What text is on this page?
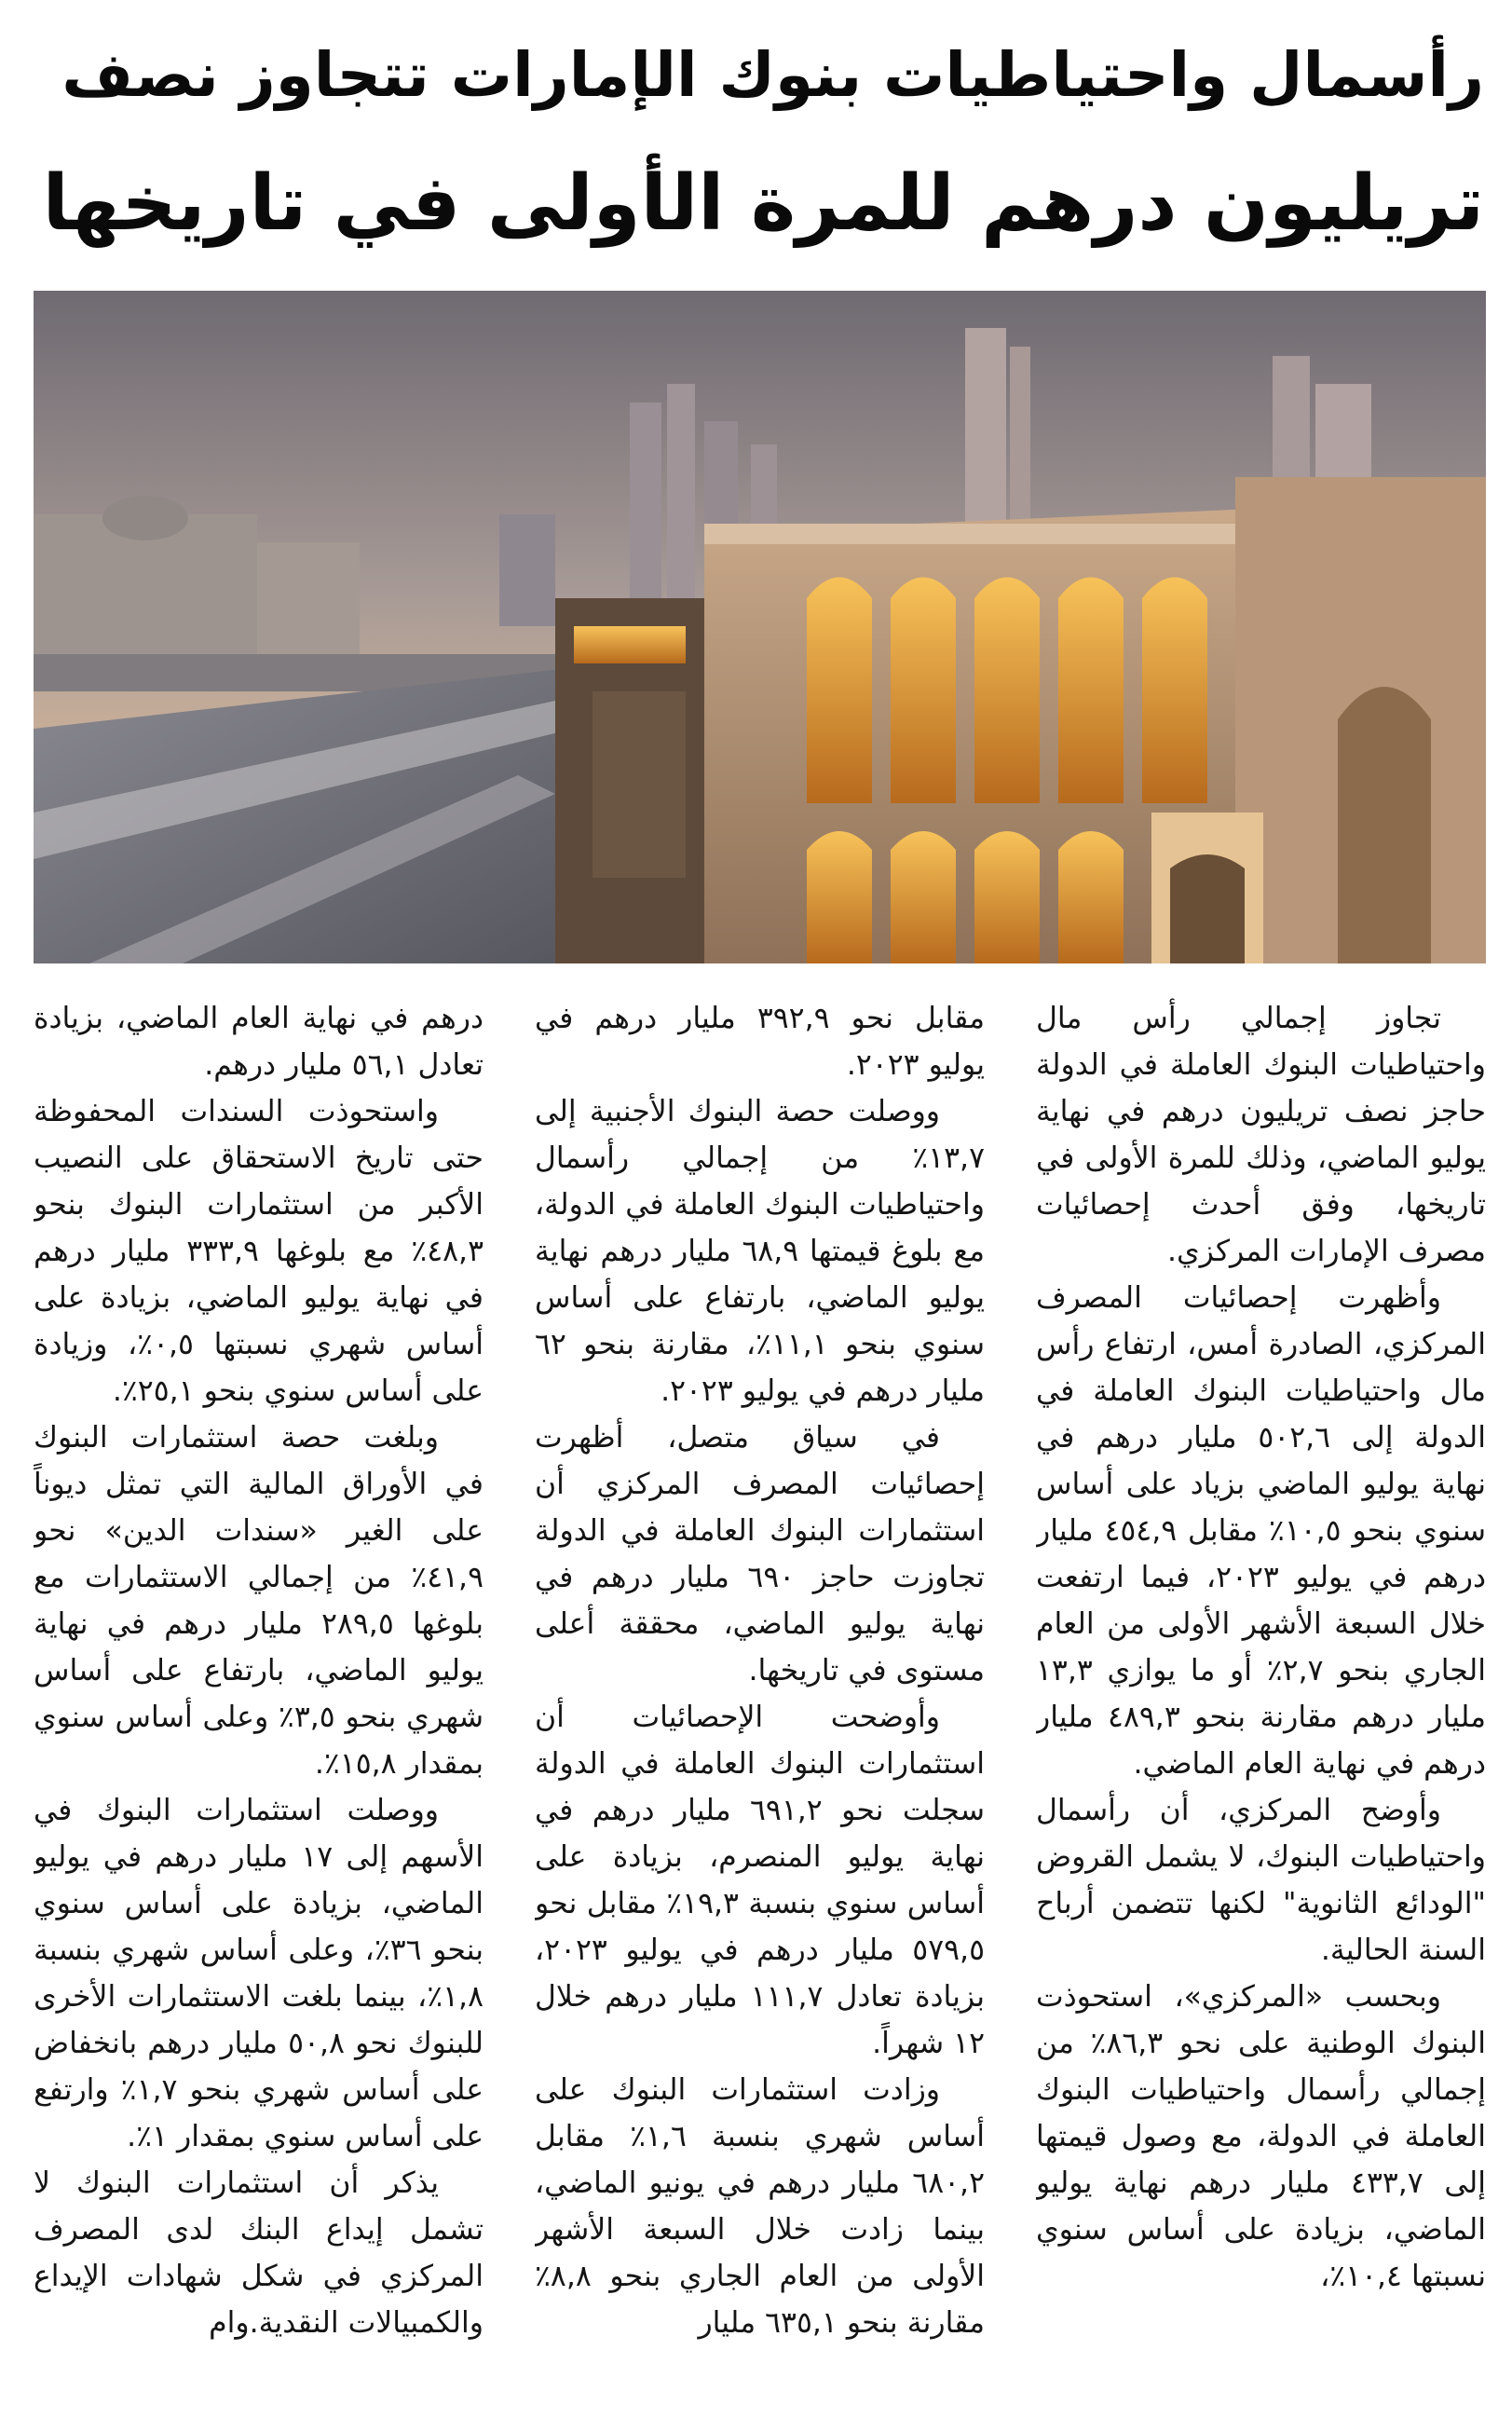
رأسمال واحتياطيات بنوك الإمارات تتجاوز نصف
تريليون درهم للمرة الأولى في تاريخها

تجاوز إجمالي رأس مال واحتياطيات البنوك العاملة في الدولة حاجز نصف تريليون درهم في نهاية يوليو الماضي، وذلك للمرة الأولى في تاريخها، وفق أحدث إحصائيات مصرف الإمارات المركزي.

وأظهرت إحصائيات المصرف المركزي، الصادرة أمس، ارتفاع رأس مال واحتياطيات البنوك العاملة في الدولة إلى ٥٠٢,٦ مليار درهم في نهاية يوليو الماضي بزياد على أساس سنوي بنحو ١٠,٥٪ مقابل ٤٥٤,٩ مليار درهم في يوليو ٢٠٢٣، فيما ارتفعت خلال السبعة الأشهر الأولى من العام الجاري بنحو ٢,٧٪ أو ما يوازي ١٣,٣ مليار درهم مقارنة بنحو ٤٨٩,٣ مليار درهم في نهاية العام الماضي.

وأوضح المركزي، أن رأسمال واحتياطيات البنوك، لا يشمل القروض "الودائع الثانوية" لكنها تتضمن أرباح السنة الحالية.

وبحسب «المركزي»، استحوذت البنوك الوطنية على نحو ٨٦,٣٪ من إجمالي رأسمال واحتياطيات البنوك العاملة في الدولة، مع وصول قيمتها إلى ٤٣٣,٧ مليار درهم نهاية يوليو الماضي، بزيادة على أساس سنوي نسبتها ١٠,٤٪،

مقابل نحو ٣٩٢,٩ مليار درهم في يوليو ٢٠٢٣.

ووصلت حصة البنوك الأجنبية إلى ١٣,٧٪ من إجمالي رأسمال واحتياطيات البنوك العاملة في الدولة، مع بلوغ قيمتها ٦٨,٩ مليار درهم نهاية يوليو الماضي، بارتفاع على أساس سنوي بنحو ١١,١٪، مقارنة بنحو ٦٢ مليار درهم في يوليو ٢٠٢٣.

في سياق متصل، أظهرت إحصائيات المصرف المركزي أن استثمارات البنوك العاملة في الدولة تجاوزت حاجز ٦٩٠ مليار درهم في نهاية يوليو الماضي، محققة أعلى مستوى في تاريخها.

وأوضحت الإحصائيات أن استثمارات البنوك العاملة في الدولة سجلت نحو ٦٩١,٢ مليار درهم في نهاية يوليو المنصرم، بزيادة على أساس سنوي بنسبة ١٩,٣٪ مقابل نحو ٥٧٩,٥ مليار درهم في يوليو ٢٠٢٣، بزيادة تعادل ١١١,٧ مليار درهم خلال ١٢ شهراً.

وزادت استثمارات البنوك على أساس شهري بنسبة ١,٦٪ مقابل ٦٨٠,٢ مليار درهم في يونيو الماضي، بينما زادت خلال السبعة الأشهر الأولى من العام الجاري بنحو ٨,٨٪ مقارنة بنحو ٦٣٥,١ مليار

درهم في نهاية العام الماضي، بزيادة تعادل ٥٦,١ مليار درهم.

واستحوذت السندات المحفوظة حتى تاريخ الاستحقاق على النصيب الأكبر من استثمارات البنوك بنحو ٤٨,٣٪ مع بلوغها ٣٣٣,٩ مليار درهم في نهاية يوليو الماضي، بزيادة على أساس شهري نسبتها ٠,٥٪، وزيادة على أساس سنوي بنحو ٢٥,١٪.

وبلغت حصة استثمارات البنوك في الأوراق المالية التي تمثل ديوناً على الغير «سندات الدين» نحو ٤١,٩٪ من إجمالي الاستثمارات مع بلوغها ٢٨٩,٥ مليار درهم في نهاية يوليو الماضي، بارتفاع على أساس شهري بنحو ٣,٥٪ وعلى أساس سنوي بمقدار ١٥,٨٪.

ووصلت استثمارات البنوك في الأسهم إلى ١٧ مليار درهم في يوليو الماضي، بزيادة على أساس سنوي بنحو ٣٦٪، وعلى أساس شهري بنسبة ١,٨٪، بينما بلغت الاستثمارات الأخرى للبنوك نحو ٥٠,٨ مليار درهم بانخفاض على أساس شهري بنحو ١,٧٪ وارتفع على أساس سنوي بمقدار ١٪.

يذكر أن استثمارات البنوك لا تشمل إيداع البنك لدى المصرف المركزي في شكل شهادات الإيداع والكمبيالات النقدية.وام
